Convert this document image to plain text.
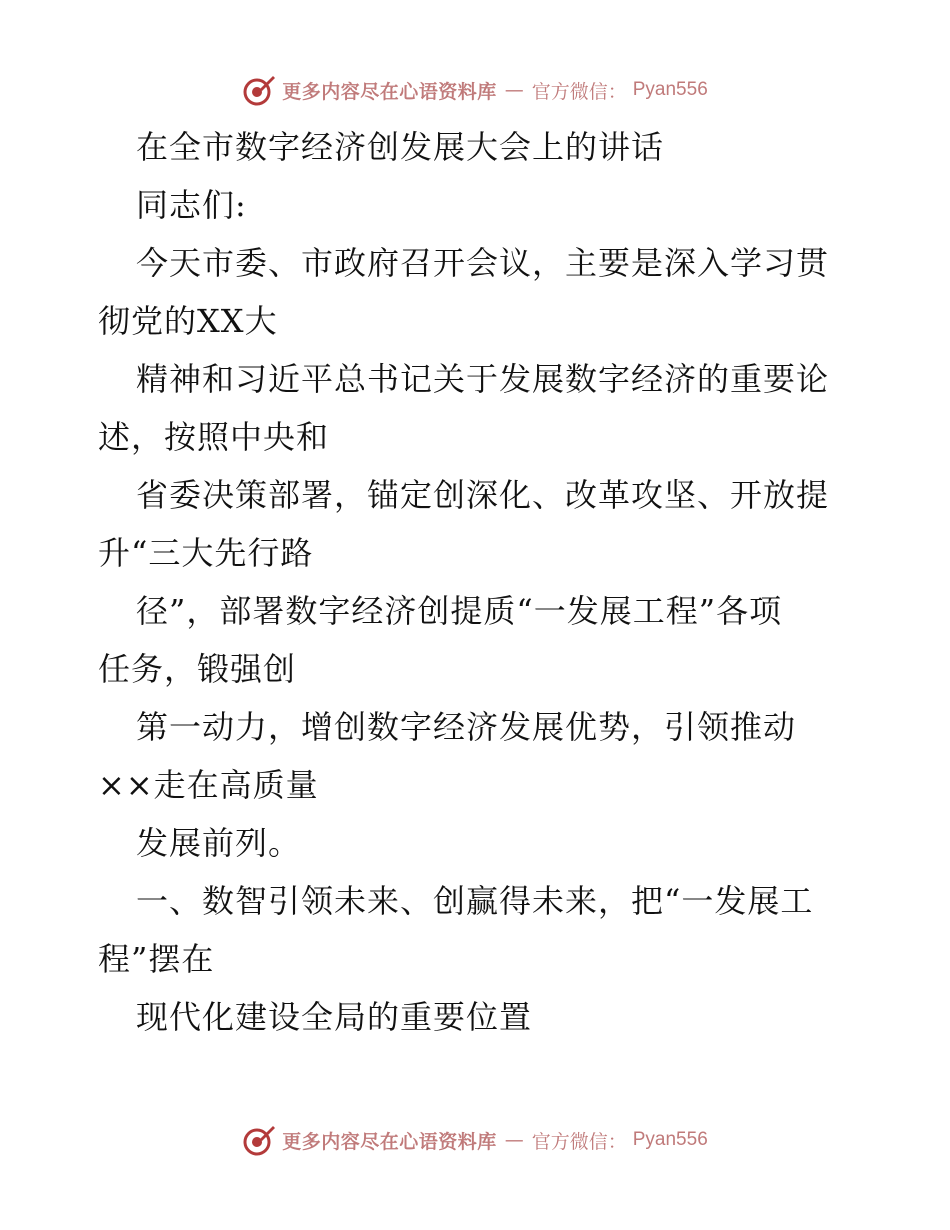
更多内容尽在心语资料库 — 官方微信： Pyan556
在全市数字经济创发展大会上的讲话
同志们:
今天市委、市政府召开会议，主要是深入学习贯
彻党的XX大
精神和习近平总书记关于发展数字经济的重要论
述，按照中央和
省委决策部署，锚定创深化、改革攻坚、开放提
升“三大先行路
径”，部署数字经济创提质“一发展工程”各项
任务，锻强创
第一动力，增创数字经济发展优势，引领推动
××走在高质量
发展前列。
一、数智引领未来、创赢得未来，把“一发展工
程”摆在
现代化建设全局的重要位置
更多内容尽在心语资料库 — 官方微信： Pyan556
